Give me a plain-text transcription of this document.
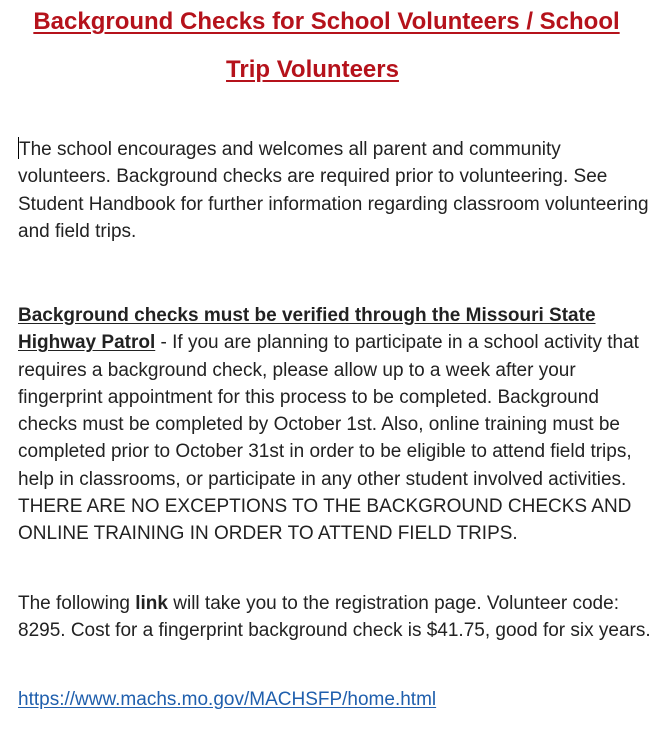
Background Checks for School Volunteers / School
Trip Volunteers

The school encourages and welcomes all parent and community volunteers. Background checks are required prior to volunteering. See Student Handbook for further information regarding classroom volunteering and field trips.

Background checks must be verified through the Missouri State Highway Patrol - If you are planning to participate in a school activity that requires a background check, please allow up to a week after your fingerprint appointment for this process to be completed. Background checks must be completed by October 1st. Also, online training must be completed prior to October 31st in order to be eligible to attend field trips, help in classrooms, or participate in any other student involved activities. THERE ARE NO EXCEPTIONS TO THE BACKGROUND CHECKS AND ONLINE TRAINING IN ORDER TO ATTEND FIELD TRIPS.

The following link will take you to the registration page. Volunteer code: 8295. Cost for a fingerprint background check is $41.75, good for six years.

https://www.machs.mo.gov/MACHSFP/home.html
